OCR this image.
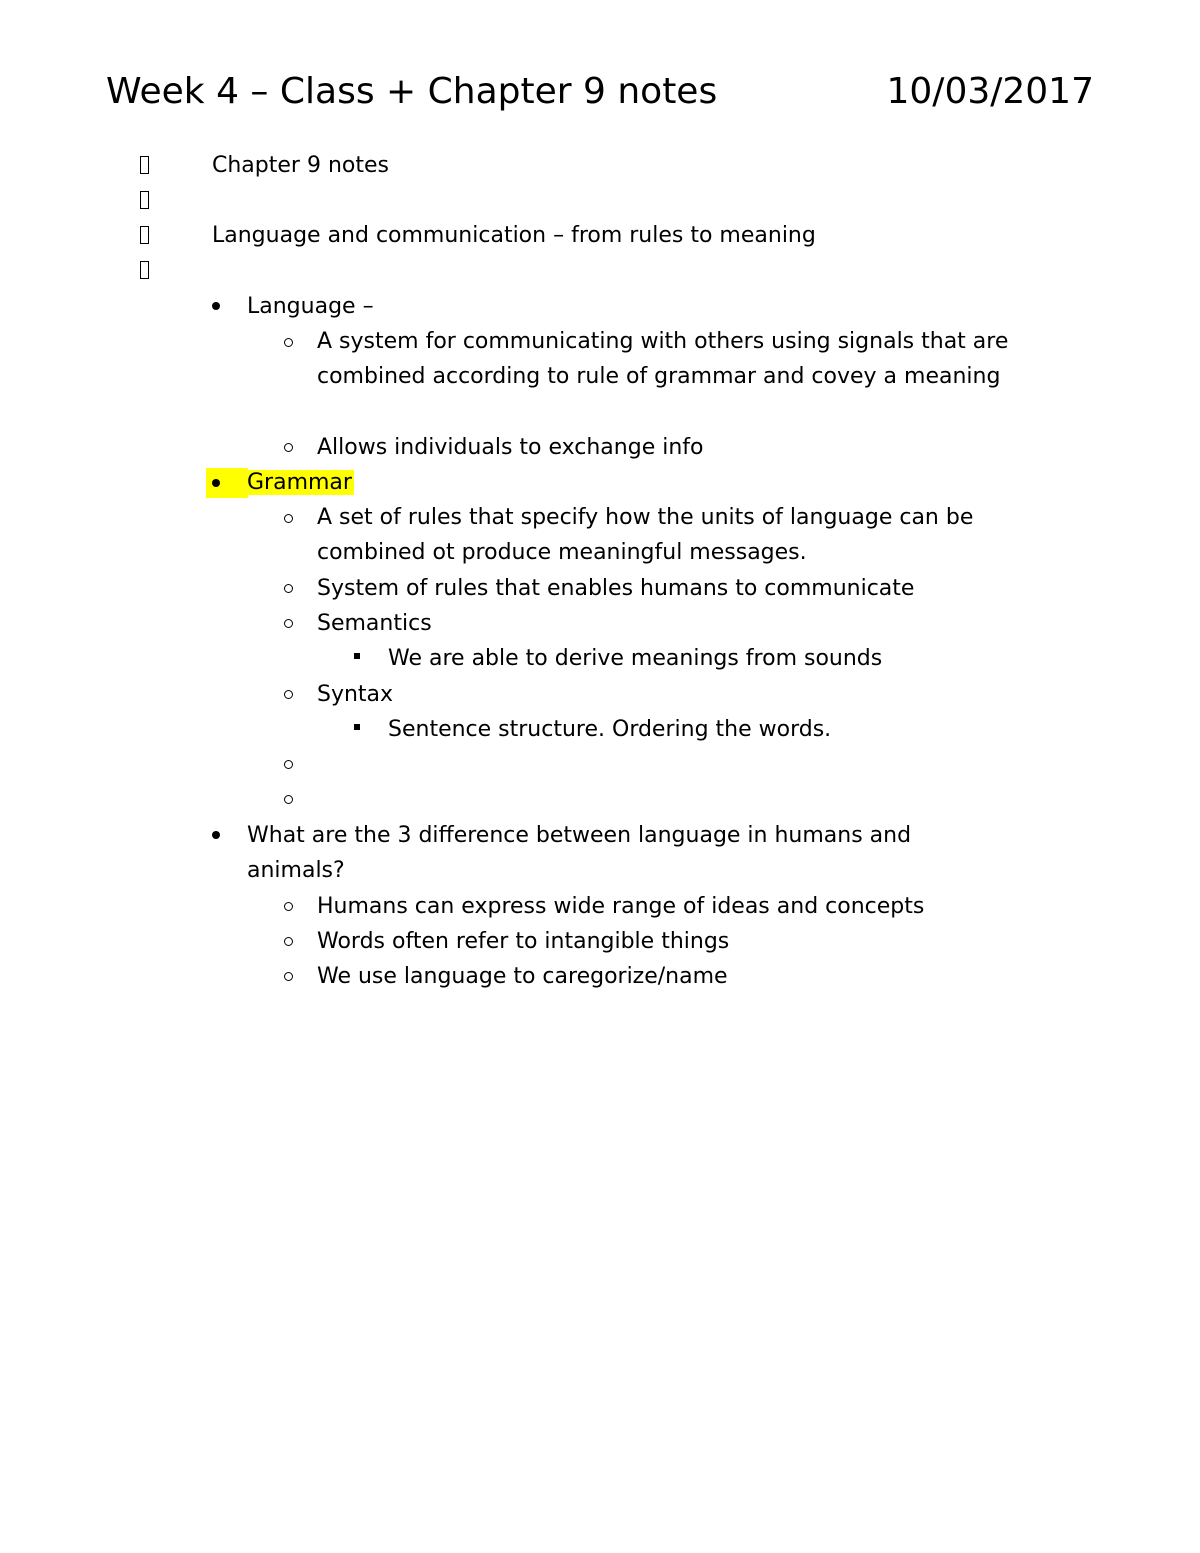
Week 4 – Class + Chapter 9 notes	10/03/2017
Chapter 9 notes
Language and communication – from rules to meaning
Language –
A system for communicating with others using signals that are combined according to rule of grammar and covey a meaning
Allows individuals to exchange info
Grammar
A set of rules that specify how the units of language can be combined ot produce meaningful messages.
System of rules that enables humans to communicate
Semantics
We are able to derive meanings from sounds
Syntax
Sentence structure. Ordering the words.
What are the 3 difference between language in humans and animals?
Humans can express wide range of ideas and concepts
Words often refer to intangible things
We use language to caregorize/name
